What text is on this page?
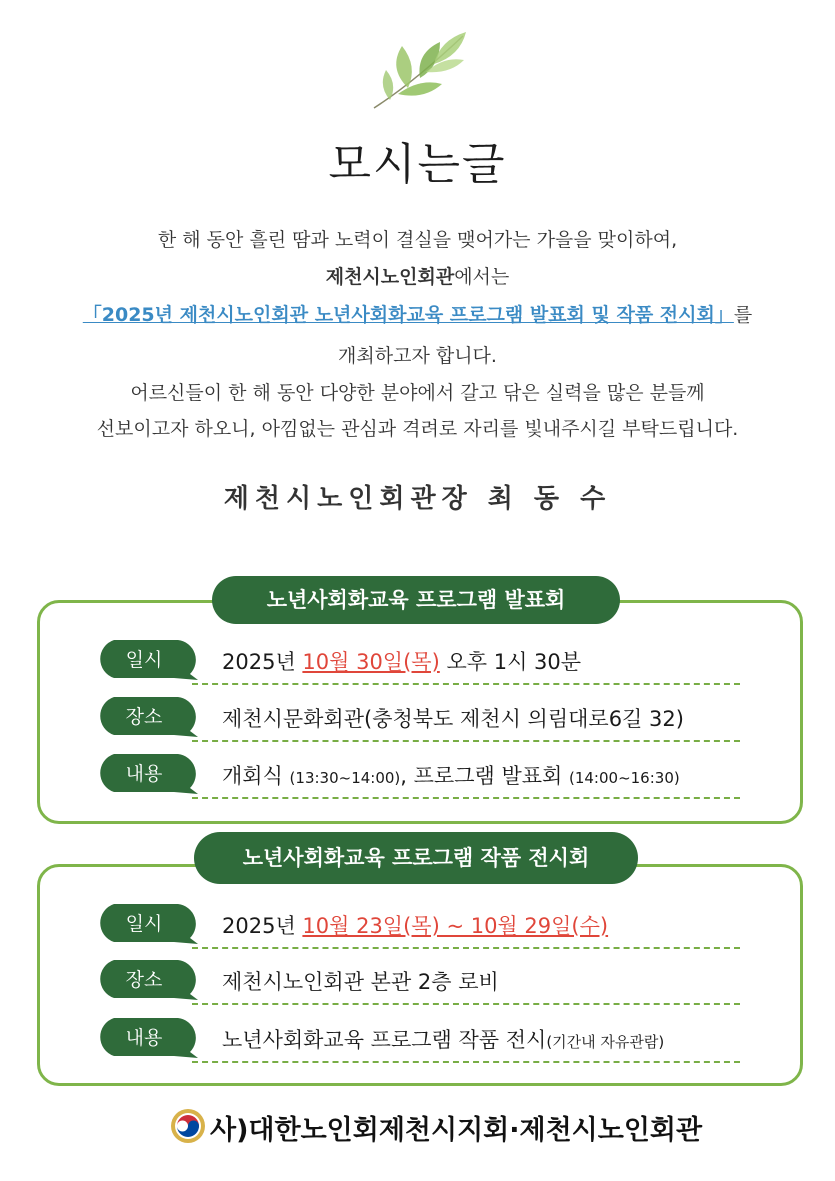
모시는글
한 해 동안 흘린 땀과 노력이 결실을 맺어가는 가을을 맞이하여,
제천시노인회관에서는
「2025년 제천시노인회관 노년사회화교육 프로그램 발표회 및 작품 전시회」를
개최하고자 합니다.
어르신들이 한 해 동안 다양한 분야에서 갈고 닦은 실력을 많은 분들께
선보이고자 하오니, 아낌없는 관심과 격려로 자리를 빛내주시길 부탁드립니다.
제천시노인회관장 최 동 수
노년사회화교육 프로그램 발표회
일시	2025년 10월 30일(목) 오후 1시 30분
장소	제천시문화회관(충청북도 제천시 의림대로6길 32)
내용	개회식 (13:30~14:00), 프로그램 발표회 (14:00~16:30)
노년사회화교육 프로그램 작품 전시회
일시	2025년 10월 23일(목) ~ 10월 29일(수)
장소	제천시노인회관 본관 2층 로비
내용	노년사회화교육 프로그램 작품 전시(기간내 자유관람)
사)대한노인회제천시지회·제천시노인회관
